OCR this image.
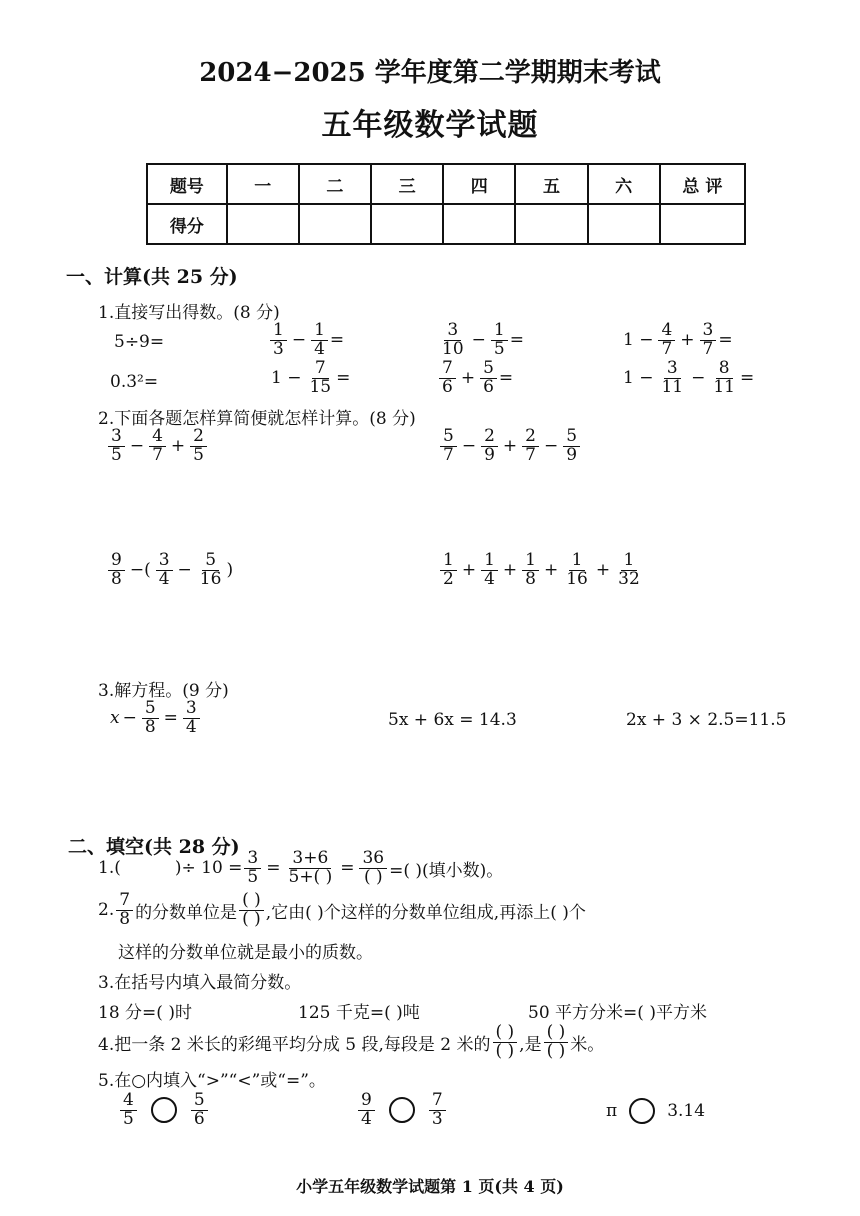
2024−2025 学年度第二学期期末考试
五年级数学试题
题号	一	二	三	四	五	六	总 评
得分							
一、计算(共 25 分)
1.直接写出得数。(8 分)
5÷9=	$\frac{1}{3} - \frac{1}{4}$ =	$\frac{3}{10} - \frac{1}{5}$ =	$1 - \frac{4}{7} + \frac{3}{7}$ =
0.3²=	$1 - \frac{7}{15}$ =	$\frac{7}{6} + \frac{5}{6}$ =	$1 - \frac{3}{11} - \frac{8}{11}$ =
2.下面各题怎样算简便就怎样计算。(8 分)
$\frac{3}{5} - \frac{4}{7} + \frac{2}{5}$	$\frac{5}{7} - \frac{2}{9} + \frac{2}{7} - \frac{5}{9}$
$\frac{9}{8}$ −( $\frac{3}{4} - \frac{5}{16}$ )	$\frac{1}{2} + \frac{1}{4} + \frac{1}{8} + \frac{1}{16} + \frac{1}{32}$
3.解方程。(9 分)
$x - \frac{5}{8} = \frac{3}{4}$	5x + 6x = 14.3	2x + 3 × 2.5=11.5
二、填空(共 28 分)
1.(	)÷ $10 = \frac{3}{5} = \frac{3+6}{5+( )} = \frac{36}{( )}$ =( )(填小数)。
2. $\frac{7}{8}$ 的分数单位是 $\frac{( )}{( )}$ ,它由( )个这样的分数单位组成,再添上( )个
这样的分数单位就是最小的质数。
3.在括号内填入最简分数。
18 分=( )时	125 千克=( )吨	50 平方分米=( )平方米
4.把一条 2 米长的彩绳平均分成 5 段,每段是 2 米的 $\frac{( )}{( )}$ ,是 $\frac{( )}{( )}$ 米。
5.在○内填入“>”“<”或“=”。
$\frac{4}{5}$	$\frac{5}{6}$	$\frac{9}{4}$	$\frac{7}{3}$	π	3.14
小学五年级数学试题第 1 页(共 4 页)
